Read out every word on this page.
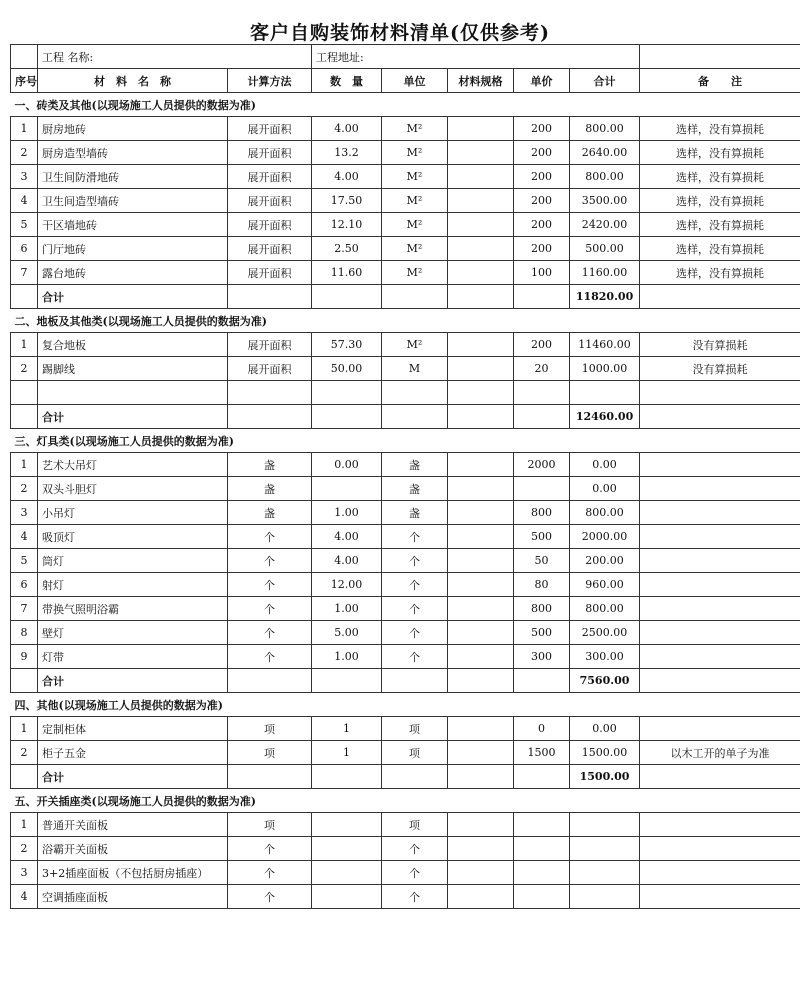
客户自购装饰材料清单(仅供参考)
	工程 名称:		工程地址:					
序号	材　料　名　称	计算方法	数　量	单位	材料规格	单价	合计	备　　注
一、砖类及其他(以现场施工人员提供的数据为准)								
1	厨房地砖	展开面积	4.00	M²		200	800.00	选样，没有算损耗
2	厨房造型墙砖	展开面积	13.2	M²		200	2640.00	选样，没有算损耗
3	卫生间防滑地砖	展开面积	4.00	M²		200	800.00	选样，没有算损耗
4	卫生间造型墙砖	展开面积	17.50	M²		200	3500.00	选样，没有算损耗
5	干区墙地砖	展开面积	12.10	M²		200	2420.00	选样，没有算损耗
6	门厅地砖	展开面积	2.50	M²		200	500.00	选样，没有算损耗
7	露台地砖	展开面积	11.60	M²		100	1160.00	选样，没有算损耗
	合计						11820.00	
二、地板及其他类(以现场施工人员提供的数据为准)								
1	复合地板	展开面积	57.30	M²		200	11460.00	没有算损耗
2	踢脚线	展开面积	50.00	M		20	1000.00	没有算损耗

	合计						12460.00	
三、灯具类(以现场施工人员提供的数据为准)								
1	艺术大吊灯	盏	0.00	盏		2000	0.00	
2	双头斗胆灯	盏		盏			0.00	
3	小吊灯	盏	1.00	盏		800	800.00	
4	吸顶灯	个	4.00	个		500	2000.00	
5	筒灯	个	4.00	个		50	200.00	
6	射灯	个	12.00	个		80	960.00	
7	带换气照明浴霸	个	1.00	个		800	800.00	
8	壁灯	个	5.00	个		500	2500.00	
9	灯带	个	1.00	个		300	300.00	
	合计						7560.00	
四、其他(以现场施工人员提供的数据为准)								
1	定制柜体	项	1	项		0	0.00	
2	柜子五金	项	1	项		1500	1500.00	以木工开的单子为准
	合计						1500.00	
五、开关插座类(以现场施工人员提供的数据为准)								
1	普通开关面板	项		项				
2	浴霸开关面板	个		个				
3	3+2插座面板（不包括厨房插座）	个		个				
4	空调插座面板	个		个				
